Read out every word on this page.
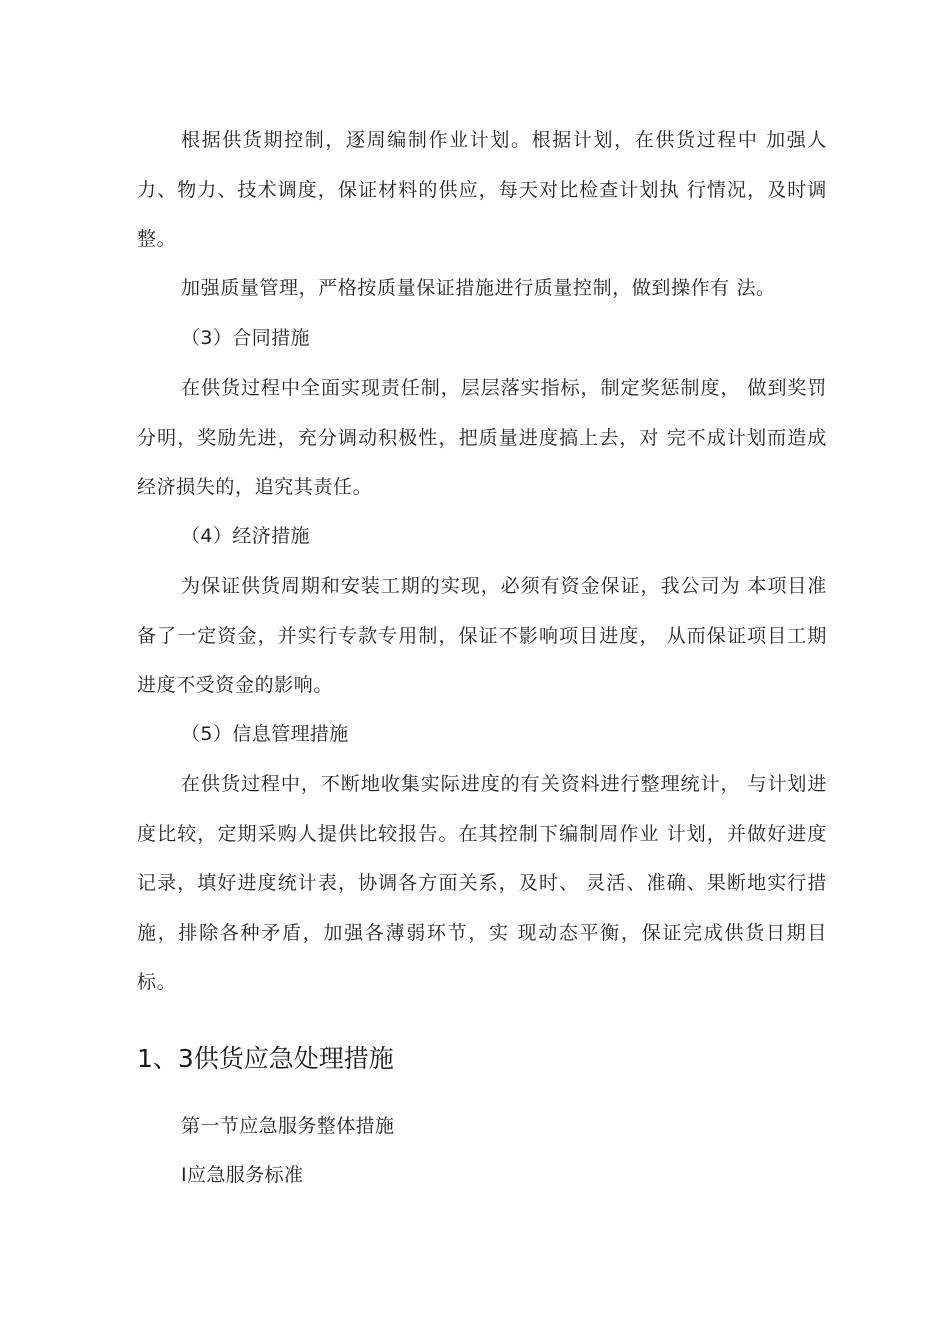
根据供货期控制，逐周编制作业计划。根据计划，在供货过程中 加强人力、物力、技术调度，保证材料的供应，每天对比检查计划执 行情况，及时调整。

加强质量管理，严格按质量保证措施进行质量控制，做到操作有 法。

（3）合同措施

在供货过程中全面实现责任制，层层落实指标，制定奖惩制度， 做到奖罚分明，奖励先进，充分调动积极性，把质量进度搞上去，对 完不成计划而造成经济损失的，追究其责任。

（4）经济措施

为保证供货周期和安装工期的实现，必须有资金保证，我公司为 本项目准备了一定资金，并实行专款专用制，保证不影响项目进度， 从而保证项目工期进度不受资金的影响。

（5）信息管理措施

在供货过程中，不断地收集实际进度的有关资料进行整理统计， 与计划进度比较，定期采购人提供比较报告。在其控制下编制周作业 计划，并做好进度记录，填好进度统计表，协调各方面关系，及时、 灵活、准确、果断地实行措施，排除各种矛盾，加强各薄弱环节，实 现动态平衡，保证完成供货日期目标。

1、3供货应急处理措施

第一节应急服务整体措施

Ⅰ应急服务标准
